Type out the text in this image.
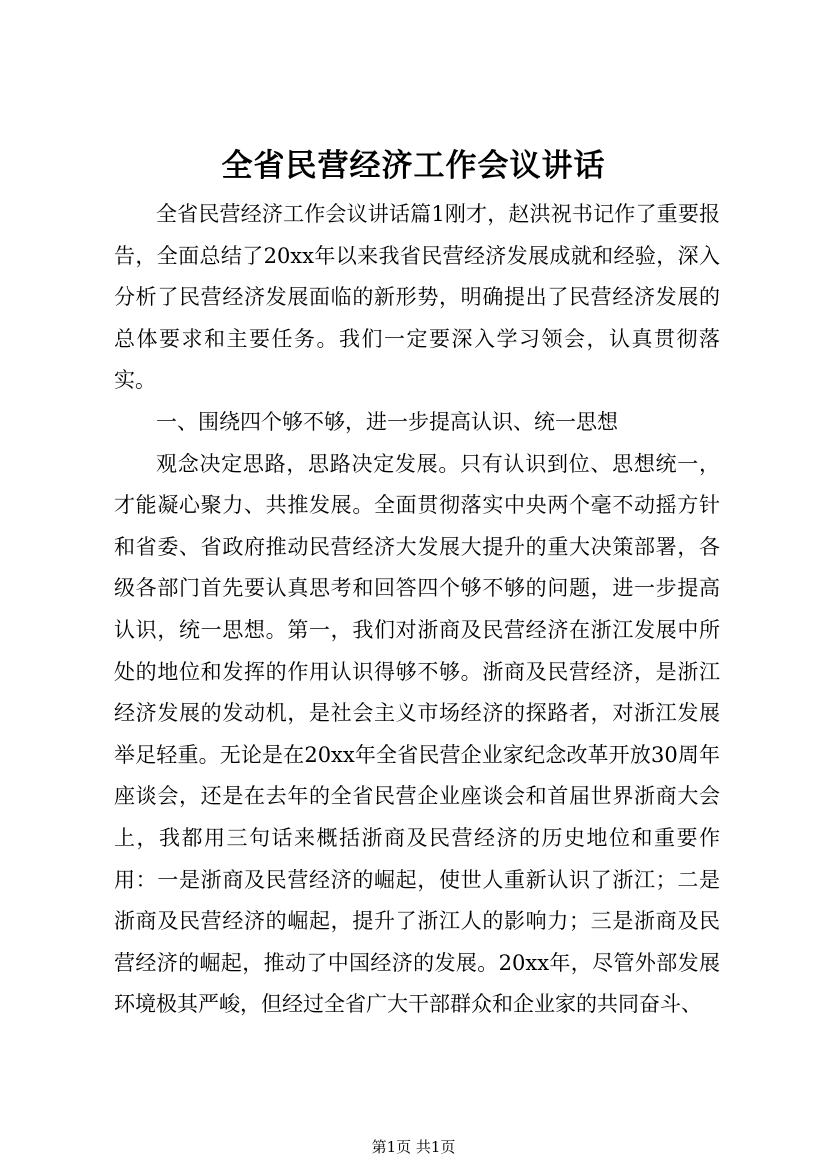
全省民营经济工作会议讲话

全省民营经济工作会议讲话篇1刚才，赵洪祝书记作了重要报告，全面总结了20xx年以来我省民营经济发展成就和经验，深入分析了民营经济发展面临的新形势，明确提出了民营经济发展的总体要求和主要任务。我们一定要深入学习领会，认真贯彻落实。

一、围绕四个够不够，进一步提高认识、统一思想

观念决定思路，思路决定发展。只有认识到位、思想统一，才能凝心聚力、共推发展。全面贯彻落实中央两个毫不动摇方针和省委、省政府推动民营经济大发展大提升的重大决策部署，各级各部门首先要认真思考和回答四个够不够的问题，进一步提高认识，统一思想。第一，我们对浙商及民营经济在浙江发展中所处的地位和发挥的作用认识得够不够。浙商及民营经济，是浙江经济发展的发动机，是社会主义市场经济的探路者，对浙江发展举足轻重。无论是在20xx年全省民营企业家纪念改革开放30周年座谈会，还是在去年的全省民营企业座谈会和首届世界浙商大会上，我都用三句话来概括浙商及民营经济的历史地位和重要作用：一是浙商及民营经济的崛起，使世人重新认识了浙江；二是浙商及民营经济的崛起，提升了浙江人的影响力；三是浙商及民营经济的崛起，推动了中国经济的发展。20xx年，尽管外部发展环境极其严峻，但经过全省广大干部群众和企业家的共同奋斗、

第1页 共1页
